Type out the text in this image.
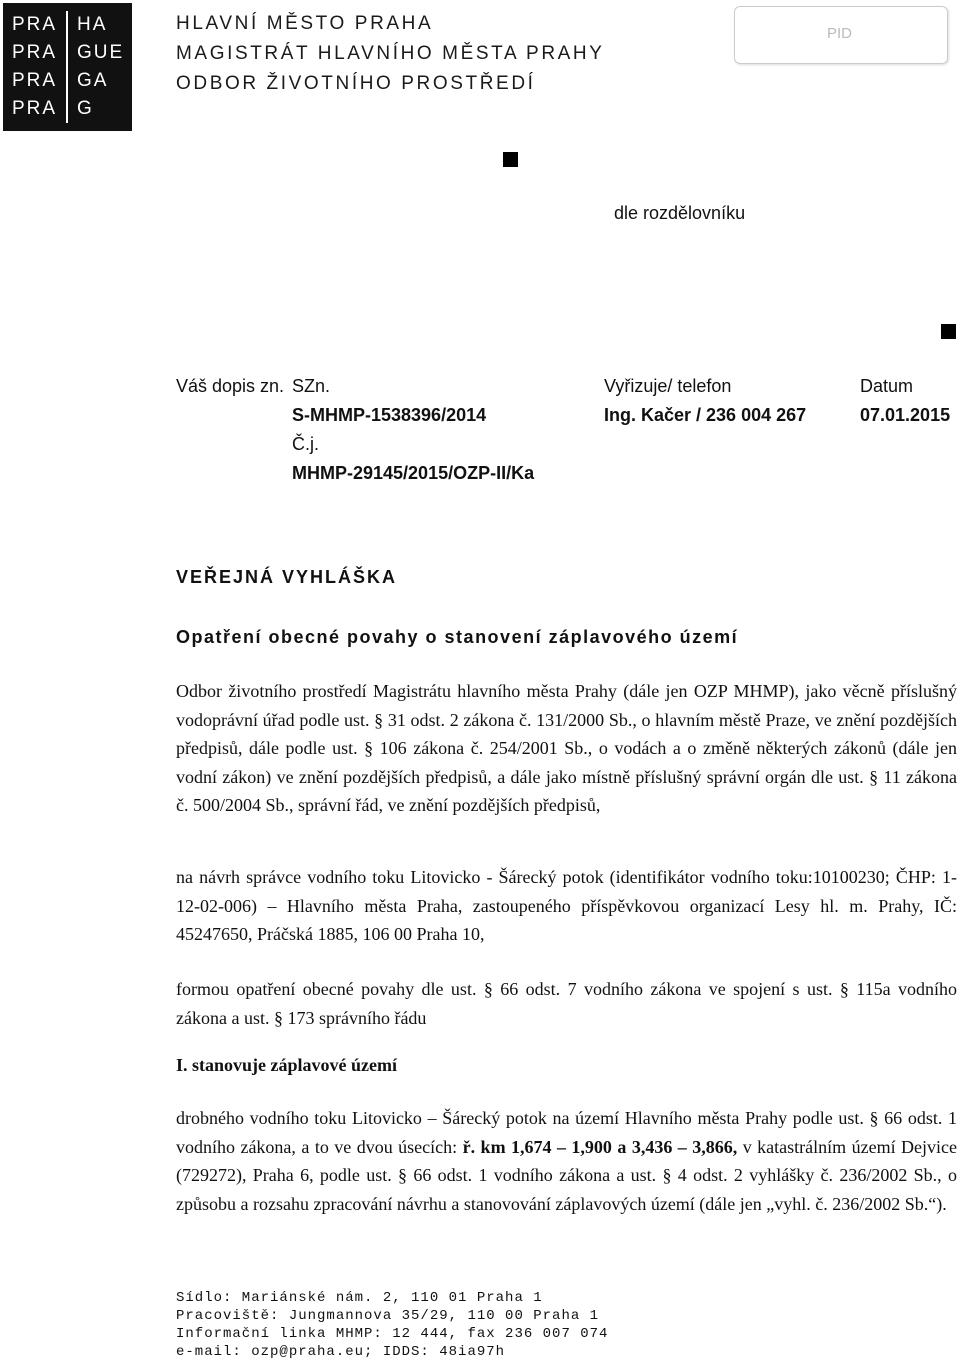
PRA HA
PRA GUE
PRA GA
PRA G
HLAVNÍ MĚSTO PRAHA
MAGISTRÁT HLAVNÍHO MĚSTA PRAHY
ODBOR ŽIVOTNÍHO PROSTŘEDÍ
PID
dle rozdělovníku
Váš dopis zn. SZn.
S-MHMP-1538396/2014
Č.j.
MHMP-29145/2015/OZP-II/Ka
Vyřizuje/ telefon
Ing. Kačer / 236 004 267
Datum
07.01.2015
VEŘEJNÁ VYHLÁŠKA
Opatření obecné povahy o stanovení záplavového území
Odbor životního prostředí Magistrátu hlavního města Prahy (dále jen OZP MHMP), jako věcně příslušný vodoprávní úřad podle ust. § 31 odst. 2 zákona č. 131/2000 Sb., o hlavním městě Praze, ve znění pozdějších předpisů, dále podle ust. § 106 zákona č. 254/2001 Sb., o vodách a o změně některých zákonů (dále jen vodní zákon) ve znění pozdějších předpisů, a dále jako místně příslušný správní orgán dle ust. § 11 zákona č. 500/2004 Sb., správní řád, ve znění pozdějších předpisů,
na návrh správce vodního toku Litovicko - Šárecký potok (identifikátor vodního toku:10100230; ČHP: 1-12-02-006) – Hlavního města Praha, zastoupeného příspěvkovou organizací Lesy hl. m. Prahy, IČ: 45247650, Práčská 1885, 106 00 Praha 10,
formou opatření obecné povahy dle ust. § 66 odst. 7 vodního zákona ve spojení s ust. § 115a vodního zákona a ust. § 173 správního řádu
I. stanovuje záplavové území
drobného vodního toku Litovicko – Šárecký potok na území Hlavního města Prahy podle ust. § 66 odst. 1 vodního zákona, a to ve dvou úsecích: ř. km 1,674 – 1,900 a 3,436 – 3,866, v katastrálním území Dejvice (729272), Praha 6, podle ust. § 66 odst. 1 vodního zákona a ust. § 4 odst. 2 vyhlášky č. 236/2002 Sb., o způsobu a rozsahu zpracování návrhu a stanovování záplavových území (dále jen „vyhl. č. 236/2002 Sb.“).
Sídlo: Mariánské nám. 2, 110 01 Praha 1
Pracoviště: Jungmannova 35/29, 110 00 Praha 1
Informační linka MHMP: 12 444, fax 236 007 074
e-mail: ozp@praha.eu; IDDS: 48ia97h
